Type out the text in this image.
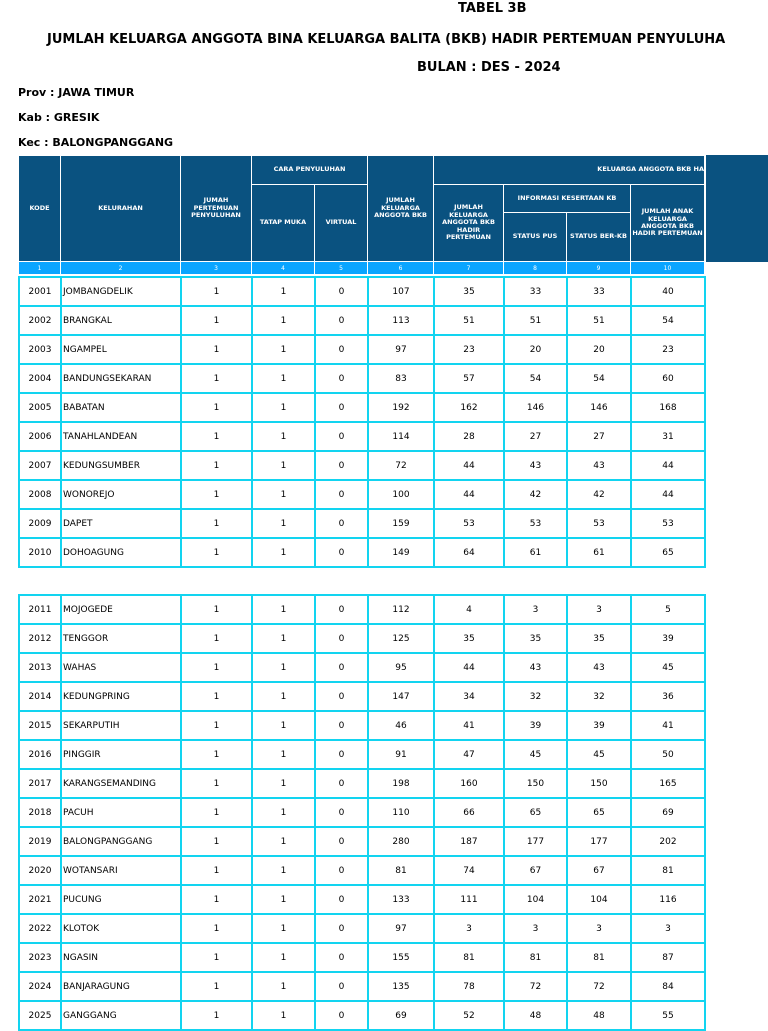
TABEL 3B
JUMLAH KELUARGA ANGGOTA BINA KELUARGA BALITA (BKB) HADIR PERTEMUAN PENYULUHA
BULAN : DES - 2024
Prov : JAWA TIMUR
Kab : GRESIK
Kec : BALONGPANGGANG
KODE	KELURAHAN	JUMAH PERTEMUAN PENYULUHAN	CARA PENYULUHAN		JUMLAH KELUARGA ANGGOTA BKB	KELUARGA ANGGOTA BKB HA			
			TATAP MUKA	VIRTUAL		JUMLAH KELUARGA ANGGOTA BKB HADIR PERTEMUAN	INFORMASI KESERTAAN KB		JUMLAH ANAK KELUARGA ANGGOTA BKB HADIR PERTEMUAN
							STATUS PUS	STATUS BER-KB	
1	2	3	4	5	6	7	8	9	10
2001	JOMBANGDELIK	1	1	0	107	35	33	33	40
2002	BRANGKAL	1	1	0	113	51	51	51	54
2003	NGAMPEL	1	1	0	97	23	20	20	23
2004	BANDUNGSEKARAN	1	1	0	83	57	54	54	60
2005	BABATAN	1	1	0	192	162	146	146	168
2006	TANAHLANDEAN	1	1	0	114	28	27	27	31
2007	KEDUNGSUMBER	1	1	0	72	44	43	43	44
2008	WONOREJO	1	1	0	100	44	42	42	44
2009	DAPET	1	1	0	159	53	53	53	53
2010	DOHOAGUNG	1	1	0	149	64	61	61	65
2011	MOJOGEDE	1	1	0	112	4	3	3	5
2012	TENGGOR	1	1	0	125	35	35	35	39
2013	WAHAS	1	1	0	95	44	43	43	45
2014	KEDUNGPRING	1	1	0	147	34	32	32	36
2015	SEKARPUTIH	1	1	0	46	41	39	39	41
2016	PINGGIR	1	1	0	91	47	45	45	50
2017	KARANGSEMANDING	1	1	0	198	160	150	150	165
2018	PACUH	1	1	0	110	66	65	65	69
2019	BALONGPANGGANG	1	1	0	280	187	177	177	202
2020	WOTANSARI	1	1	0	81	74	67	67	81
2021	PUCUNG	1	1	0	133	111	104	104	116
2022	KLOTOK	1	1	0	97	3	3	3	3
2023	NGASIN	1	1	0	155	81	81	81	87
2024	BANJARAGUNG	1	1	0	135	78	72	72	84
2025	GANGGANG	1	1	0	69	52	48	48	55
